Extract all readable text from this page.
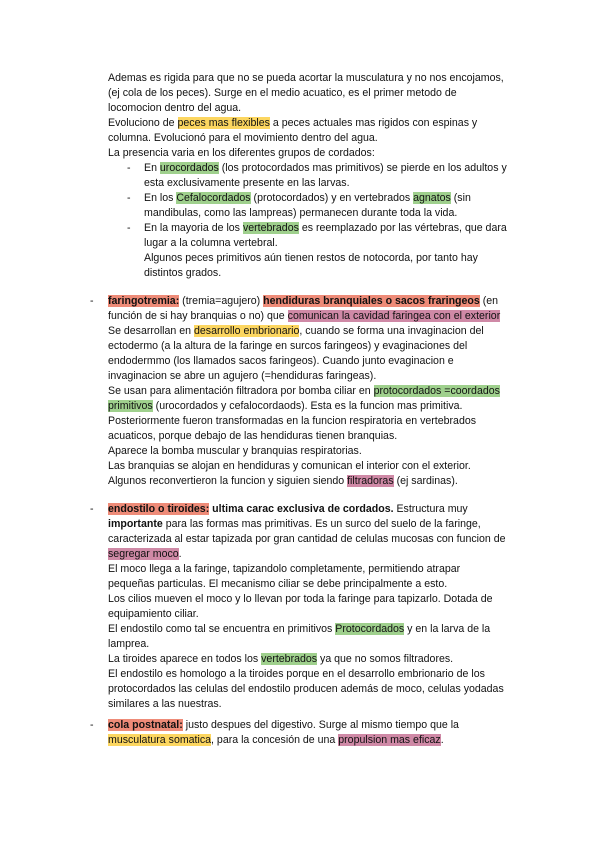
Ademas es rigida para que no se pueda acortar la musculatura y no nos encojamos,
(ej cola de los peces). Surge en el medio acuatico, es el primer metodo de
locomocion dentro del agua.
Evoluciono de peces mas flexibles a peces actuales mas rigidos con espinas y
columna. Evolucionó para el movimiento dentro del agua.
La presencia varia en los diferentes grupos de cordados:
- En urocordados (los protocordados mas primitivos) se pierde en los adultos y
esta exclusivamente presente en las larvas.
- En los Cefalocordados (protocordados) y en vertebrados agnatos (sin
mandibulas, como las lampreas) permanecen durante toda la vida.
- En la mayoria de los vertebrados es reemplazado por las vértebras, que dara
lugar a la columna vertebral.
Algunos peces primitivos aún tienen restos de notocorda, por tanto hay
distintos grados.
- faringotremia: (tremia=agujero) hendiduras branquiales o sacos frаringeos (en
función de si hay branquias o no) que comunican la cavidad faringea con el exterior
Se desarrollan en desarrollo embrionario, cuando se forma una invaginacion del
ectodermo (a la altura de la faringe en surcos faringeos) y evaginaciones del
endodermmo (los llamados sacos faringeos). Cuando junto evaginacion e
invaginacion se abre un agujero (=hendiduras faringeas).
Se usan para alimentación filtradora por bomba ciliar en protocordados =coordados
primitivos (urocordados y cefalocordaods). Esta es la funcion mas primitiva.
Posteriormente fueron transformadas en la funcion respiratoria en vertebrados
acuaticos, porque debajo de las hendiduras tienen branquias.
Aparece la bomba muscular y branquias respiratorias.
Las branquias se alojan en hendiduras y comunican el interior con el exterior.
Algunos reconvertieron la funcion y siguien siendo filtradoras (ej sardinas).
- endostilo o tiroides: ultima carac exclusiva de cordados. Estructura muy
importante para las formas mas primitivas. Es un surco del suelo de la faringe,
caracterizada al estar tapizada por gran cantidad de celulas mucosas con funcion de
segregar moco.
El moco llega a la faringe, tapizandolo completamente, permitiendo atrapar
pequeñas particulas. El mecanismo ciliar se debe principalmente a esto.
Los cilios mueven el moco y lo llevan por toda la faringe para tapizarlo. Dotada de
equipamiento ciliar.
El endostilo como tal se encuentra en primitivos Protocordados y en la larva de la
lamprea.
La tiroides aparece en todos los vertebrados ya que no somos filtradores.
El endostilo es homologo a la tiroides porque en el desarrollo embrionario de los
protocordados las celulas del endostilo producen además de moco, celulas yodadas
similares a las nuestras.
- cola postnatal: justo despues del digestivo. Surge al mismo tiempo que la
musculatura somatica, para la concesión de una propulsion mas eficaz.
